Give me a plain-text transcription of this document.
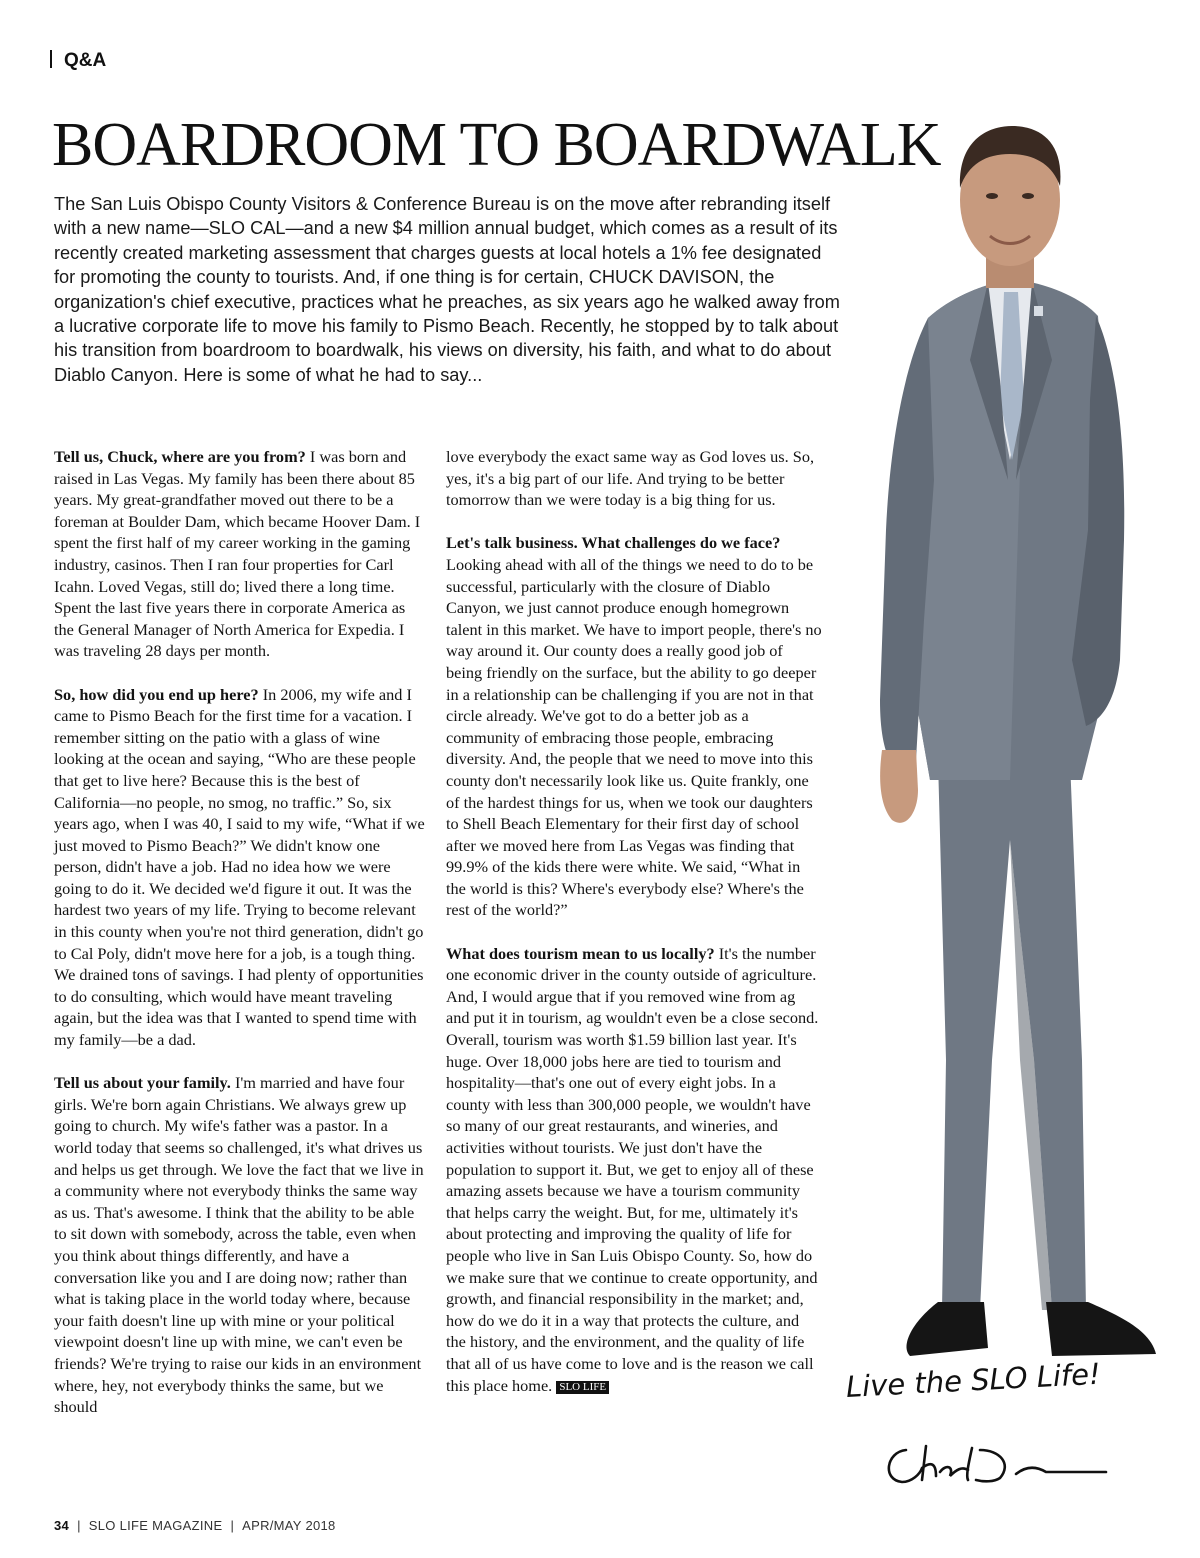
Q&A
BOARDROOM TO BOARDWALK

The San Luis Obispo County Visitors & Conference Bureau is on the move after rebranding itself with a new name—SLO CAL—and a new $4 million annual budget, which comes as a result of its recently created marketing assessment that charges guests at local hotels a 1% fee designated for promoting the county to tourists. And, if one thing is for certain, CHUCK DAVISON, the organization's chief executive, practices what he preaches, as six years ago he walked away from a lucrative corporate life to move his family to Pismo Beach. Recently, he stopped by to talk about his transition from boardroom to boardwalk, his views on diversity, his faith, and what to do about Diablo Canyon. Here is some of what he had to say...

Tell us, Chuck, where are you from? I was born and raised in Las Vegas. My family has been there about 85 years. My great-grandfather moved out there to be a foreman at Boulder Dam, which became Hoover Dam. I spent the first half of my career working in the gaming industry, casinos. Then I ran four properties for Carl Icahn. Loved Vegas, still do; lived there a long time. Spent the last five years there in corporate America as the General Manager of North America for Expedia. I was traveling 28 days per month.

So, how did you end up here? In 2006, my wife and I came to Pismo Beach for the first time for a vacation. I remember sitting on the patio with a glass of wine looking at the ocean and saying, “Who are these people that get to live here? Because this is the best of California—no people, no smog, no traffic.” So, six years ago, when I was 40, I said to my wife, “What if we just moved to Pismo Beach?” We didn't know one person, didn't have a job. Had no idea how we were going to do it. We decided we'd figure it out. It was the hardest two years of my life. Trying to become relevant in this county when you're not third generation, didn't go to Cal Poly, didn't move here for a job, is a tough thing. We drained tons of savings. I had plenty of opportunities to do consulting, which would have meant traveling again, but the idea was that I wanted to spend time with my family—be a dad.

Tell us about your family. I'm married and have four girls. We're born again Christians. We always grew up going to church. My wife's father was a pastor. In a world today that seems so challenged, it's what drives us and helps us get through. We love the fact that we live in a community where not everybody thinks the same way as us. That's awesome. I think that the ability to be able to sit down with somebody, across the table, even when you think about things differently, and have a conversation like you and I are doing now; rather than what is taking place in the world today where, because your faith doesn't line up with mine or your political viewpoint doesn't line up with mine, we can't even be friends? We're trying to raise our kids in an environment where, hey, not everybody thinks the same, but we should

love everybody the exact same way as God loves us. So, yes, it's a big part of our life. And trying to be better tomorrow than we were today is a big thing for us.

Let's talk business. What challenges do we face? Looking ahead with all of the things we need to do to be successful, particularly with the closure of Diablo Canyon, we just cannot produce enough homegrown talent in this market. We have to import people, there's no way around it. Our county does a really good job of being friendly on the surface, but the ability to go deeper in a relationship can be challenging if you are not in that circle already. We've got to do a better job as a community of embracing those people, embracing diversity. And, the people that we need to move into this county don't necessarily look like us. Quite frankly, one of the hardest things for us, when we took our daughters to Shell Beach Elementary for their first day of school after we moved here from Las Vegas was finding that 99.9% of the kids there were white. We said, “What in the world is this? Where's everybody else? Where's the rest of the world?”

What does tourism mean to us locally? It's the number one economic driver in the county outside of agriculture. And, I would argue that if you removed wine from ag and put it in tourism, ag wouldn't even be a close second. Overall, tourism was worth $1.59 billion last year. It's huge. Over 18,000 jobs here are tied to tourism and hospitality—that's one out of every eight jobs. In a county with less than 300,000 people, we wouldn't have so many of our great restaurants, and wineries, and activities without tourists. We just don't have the population to support it. But, we get to enjoy all of these amazing assets because we have a tourism community that helps carry the weight. But, for me, ultimately it's about protecting and improving the quality of life for people who live in San Luis Obispo County. So, how do we make sure that we continue to create opportunity, and growth, and financial responsibility in the market; and, how do we do it in a way that protects the culture, and the history, and the environment, and the quality of life that all of us have come to love and is the reason we call this place home. SLO LIFE	Live the SLO Life!
34 | SLO LIFE MAGAZINE | APR/MAY 2018
